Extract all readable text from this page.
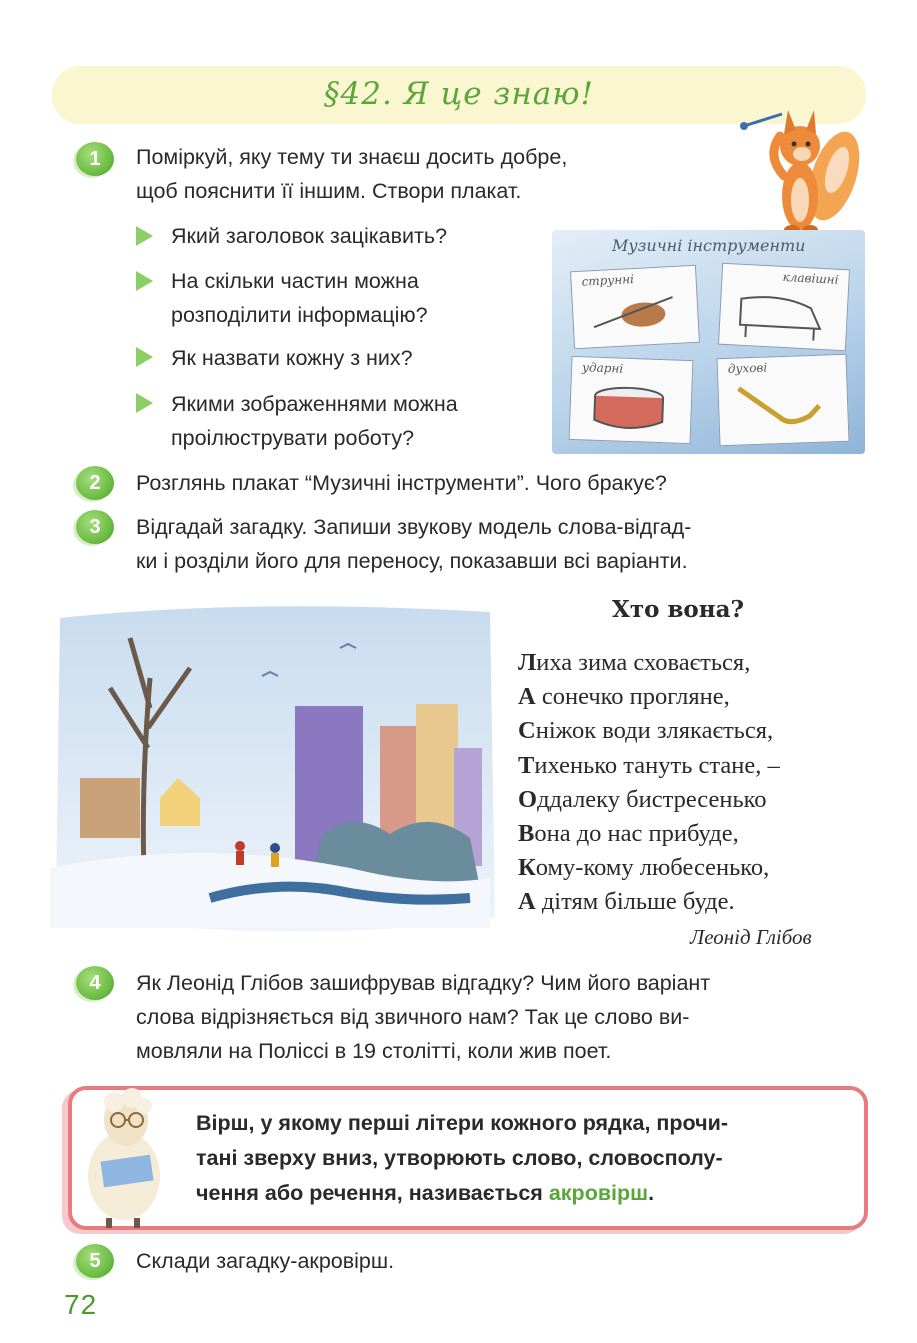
§42. Я це знаю!
1	Поміркуй, яку тему ти знаєш досить добре,
щоб пояснити її іншим. Створи плакат.
Який заголовок зацікавить?
На скільки частин можна
розподілити інформацію?
Як назвати кожну з них?
Якими зображеннями можна
проілюструвати роботу?
Музичні інструменти
струнні	клавішні
ударні	духові
2	Розглянь плакат “Музичні інструменти”. Чого бракує?
3	Відгадай загадку. Запиши звукову модель слова-відгад-
ки і розділи його для переносу, показавши всі варіанти.
Хто вона?
Лиха зима сховається,
А сонечко прогляне,
Сніжок води злякається,
Тихенько тануть стане, –
Оддалеку бистресенько
Вона до нас прибуде,
Кому-кому любесенько,
А дітям більше буде.
Леонід Глібов
4	Як Леонід Глібов зашифрував відгадку? Чим його варіант
слова відрізняється від звичного нам? Так це слово ви-
мовляли на Поліссі в 19 столітті, коли жив поет.
Вірш, у якому перші літери кожного рядка, прочи-
тані зверху вниз, утворюють слово, словосполу-
чення або речення, називається акровірш.
5	Склади загадку-акровірш.
72
